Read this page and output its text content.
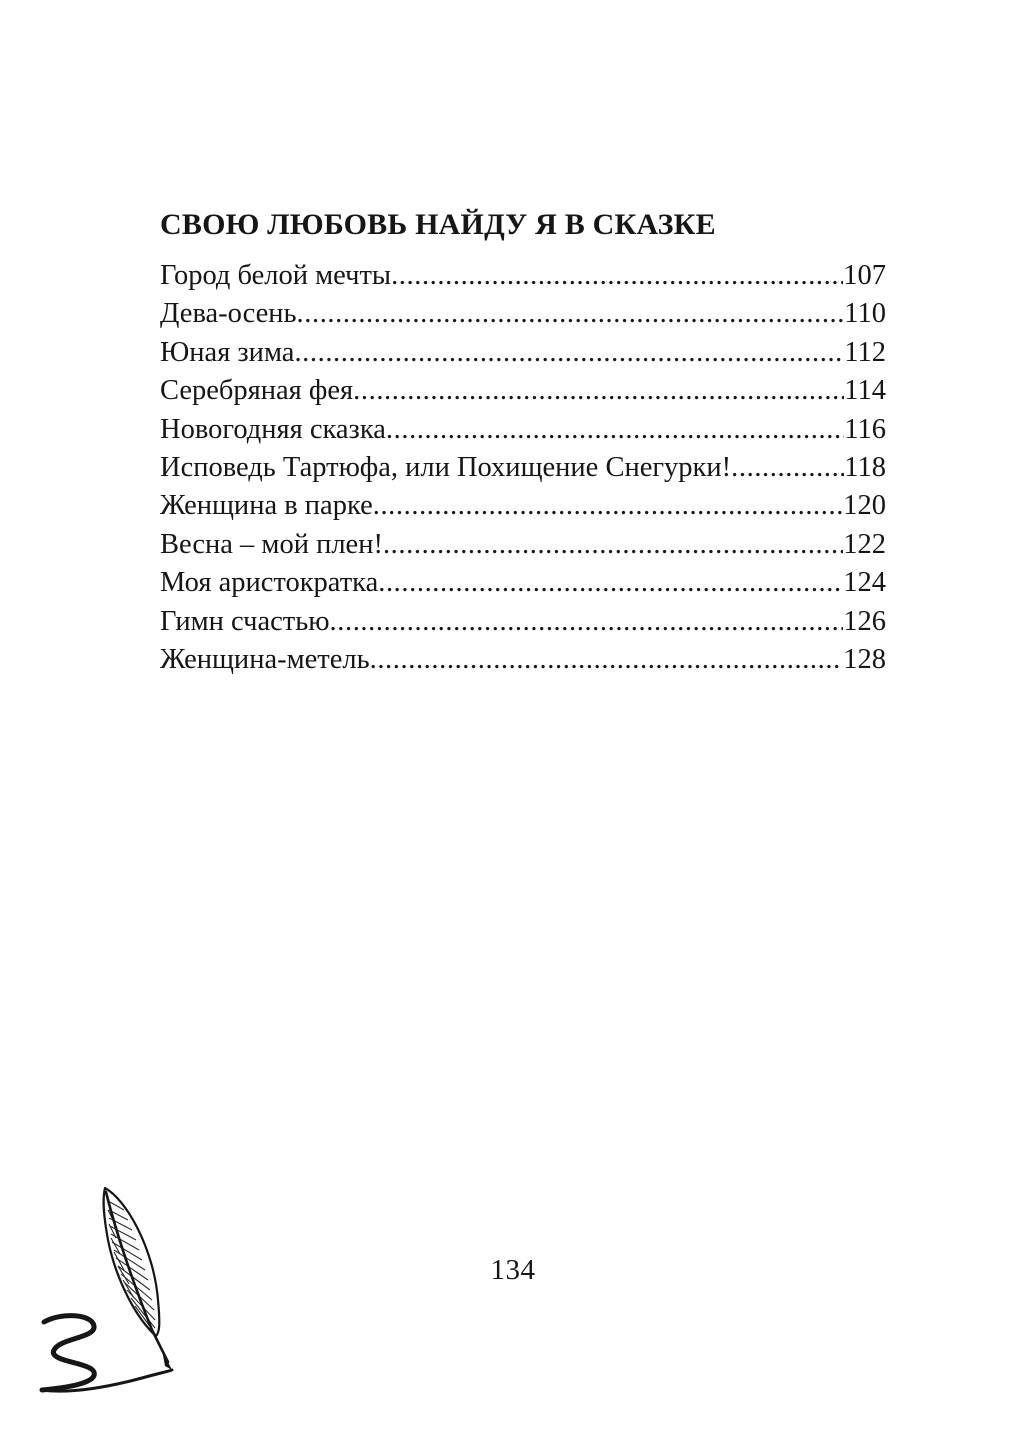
СВОЮ ЛЮБОВЬ НАЙДУ Я В СКАЗКЕ
Город белой мечты .....	107
Дева-осень .....	110
Юная зима .....	112
Серебряная фея .....	114
Новогодняя сказка .....	116
Исповедь Тартюфа, или Похищение Снегурки! .....	118
Женщина в парке .....	120
Весна – мой плен! .....	122
Моя аристократка .....	124
Гимн счастью .....	126
Женщина-метель .....	128
134
